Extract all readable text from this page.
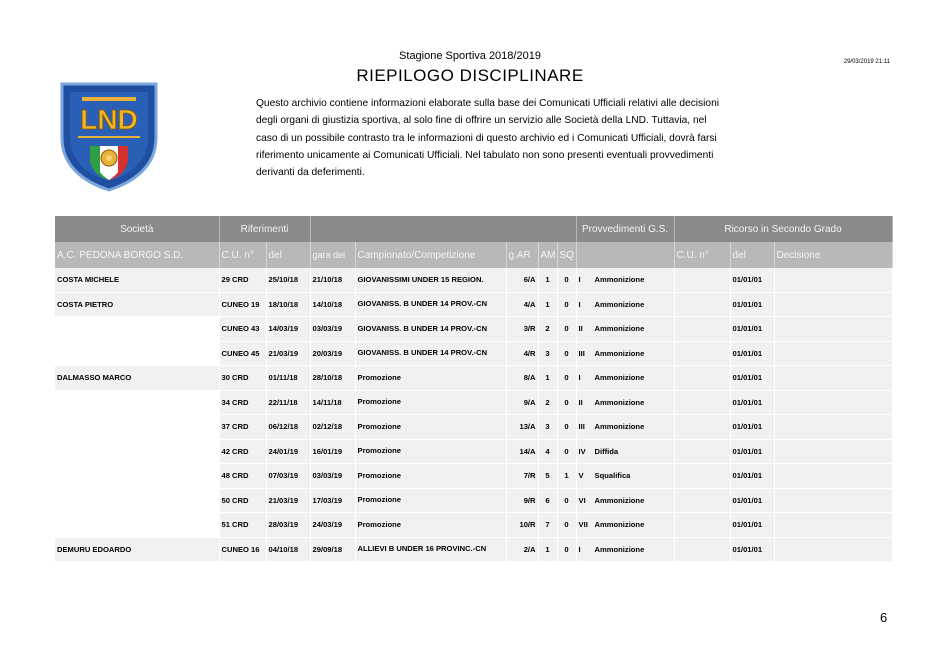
Stagione Sportiva 2018/2019
RIEPILOGO DISCIPLINARE
29/03/2019 21:11
Questo archivio contiene informazioni elaborate sulla base dei Comunicati Ufficiali relativi alle decisioni degli organi di giustizia sportiva, al solo fine di offrire un servizio alle Società della LND. Tuttavia, nel caso di un possibile contrasto tra le informazioni di questo archivio ed i Comunicati Ufficiali, dovrà farsi riferimento unicamente ai Comunicati Ufficiali. Nel tabulato non sono presenti eventuali provvedimenti derivanti da deferimenti.
LND
Società	Riferimenti							Provvedimenti G.S.	Ricorso in Secondo Grado		
A.C. PEDONA BORGO S.D.	C.U. n°	del	gara del	Campionato/Competizione	g.AR	AM	SQ		C.U. n°	del	Decisione
COSTA MICHELE	29 CRD	25/10/18	21/10/18	GIOVANISSIMI UNDER 15 REGION.	6/A	1	0	I Ammonizione		01/01/01	
COSTA PIETRO	CUNEO 19	18/10/18	14/10/18	GIOVANISS. B UNDER 14 PROV.-CN	4/A	1	0	I Ammonizione		01/01/01	
	CUNEO 43	14/03/19	03/03/19	GIOVANISS. B UNDER 14 PROV.-CN	3/R	2	0	II Ammonizione		01/01/01	
	CUNEO 45	21/03/19	20/03/19	GIOVANISS. B UNDER 14 PROV.-CN	4/R	3	0	III Ammonizione		01/01/01	
DALMASSO MARCO	30 CRD	01/11/18	28/10/18	Promozione	8/A	1	0	I Ammonizione		01/01/01	
	34 CRD	22/11/18	14/11/18	Promozione	9/A	2	0	II Ammonizione		01/01/01	
	37 CRD	06/12/18	02/12/18	Promozione	13/A	3	0	III Ammonizione		01/01/01	
	42 CRD	24/01/19	16/01/19	Promozione	14/A	4	0	IV Diffida		01/01/01	
	48 CRD	07/03/19	03/03/19	Promozione	7/R	5	1	V Squalifica		01/01/01	
	50 CRD	21/03/19	17/03/19	Promozione	9/R	6	0	VI Ammonizione		01/01/01	
	51 CRD	28/03/19	24/03/19	Promozione	10/R	7	0	VII Ammonizione		01/01/01	
DEMURU EDOARDO	CUNEO 16	04/10/18	29/09/18	ALLIEVI B UNDER 16 PROVINC.-CN	2/A	1	0	I Ammonizione		01/01/01	
6
